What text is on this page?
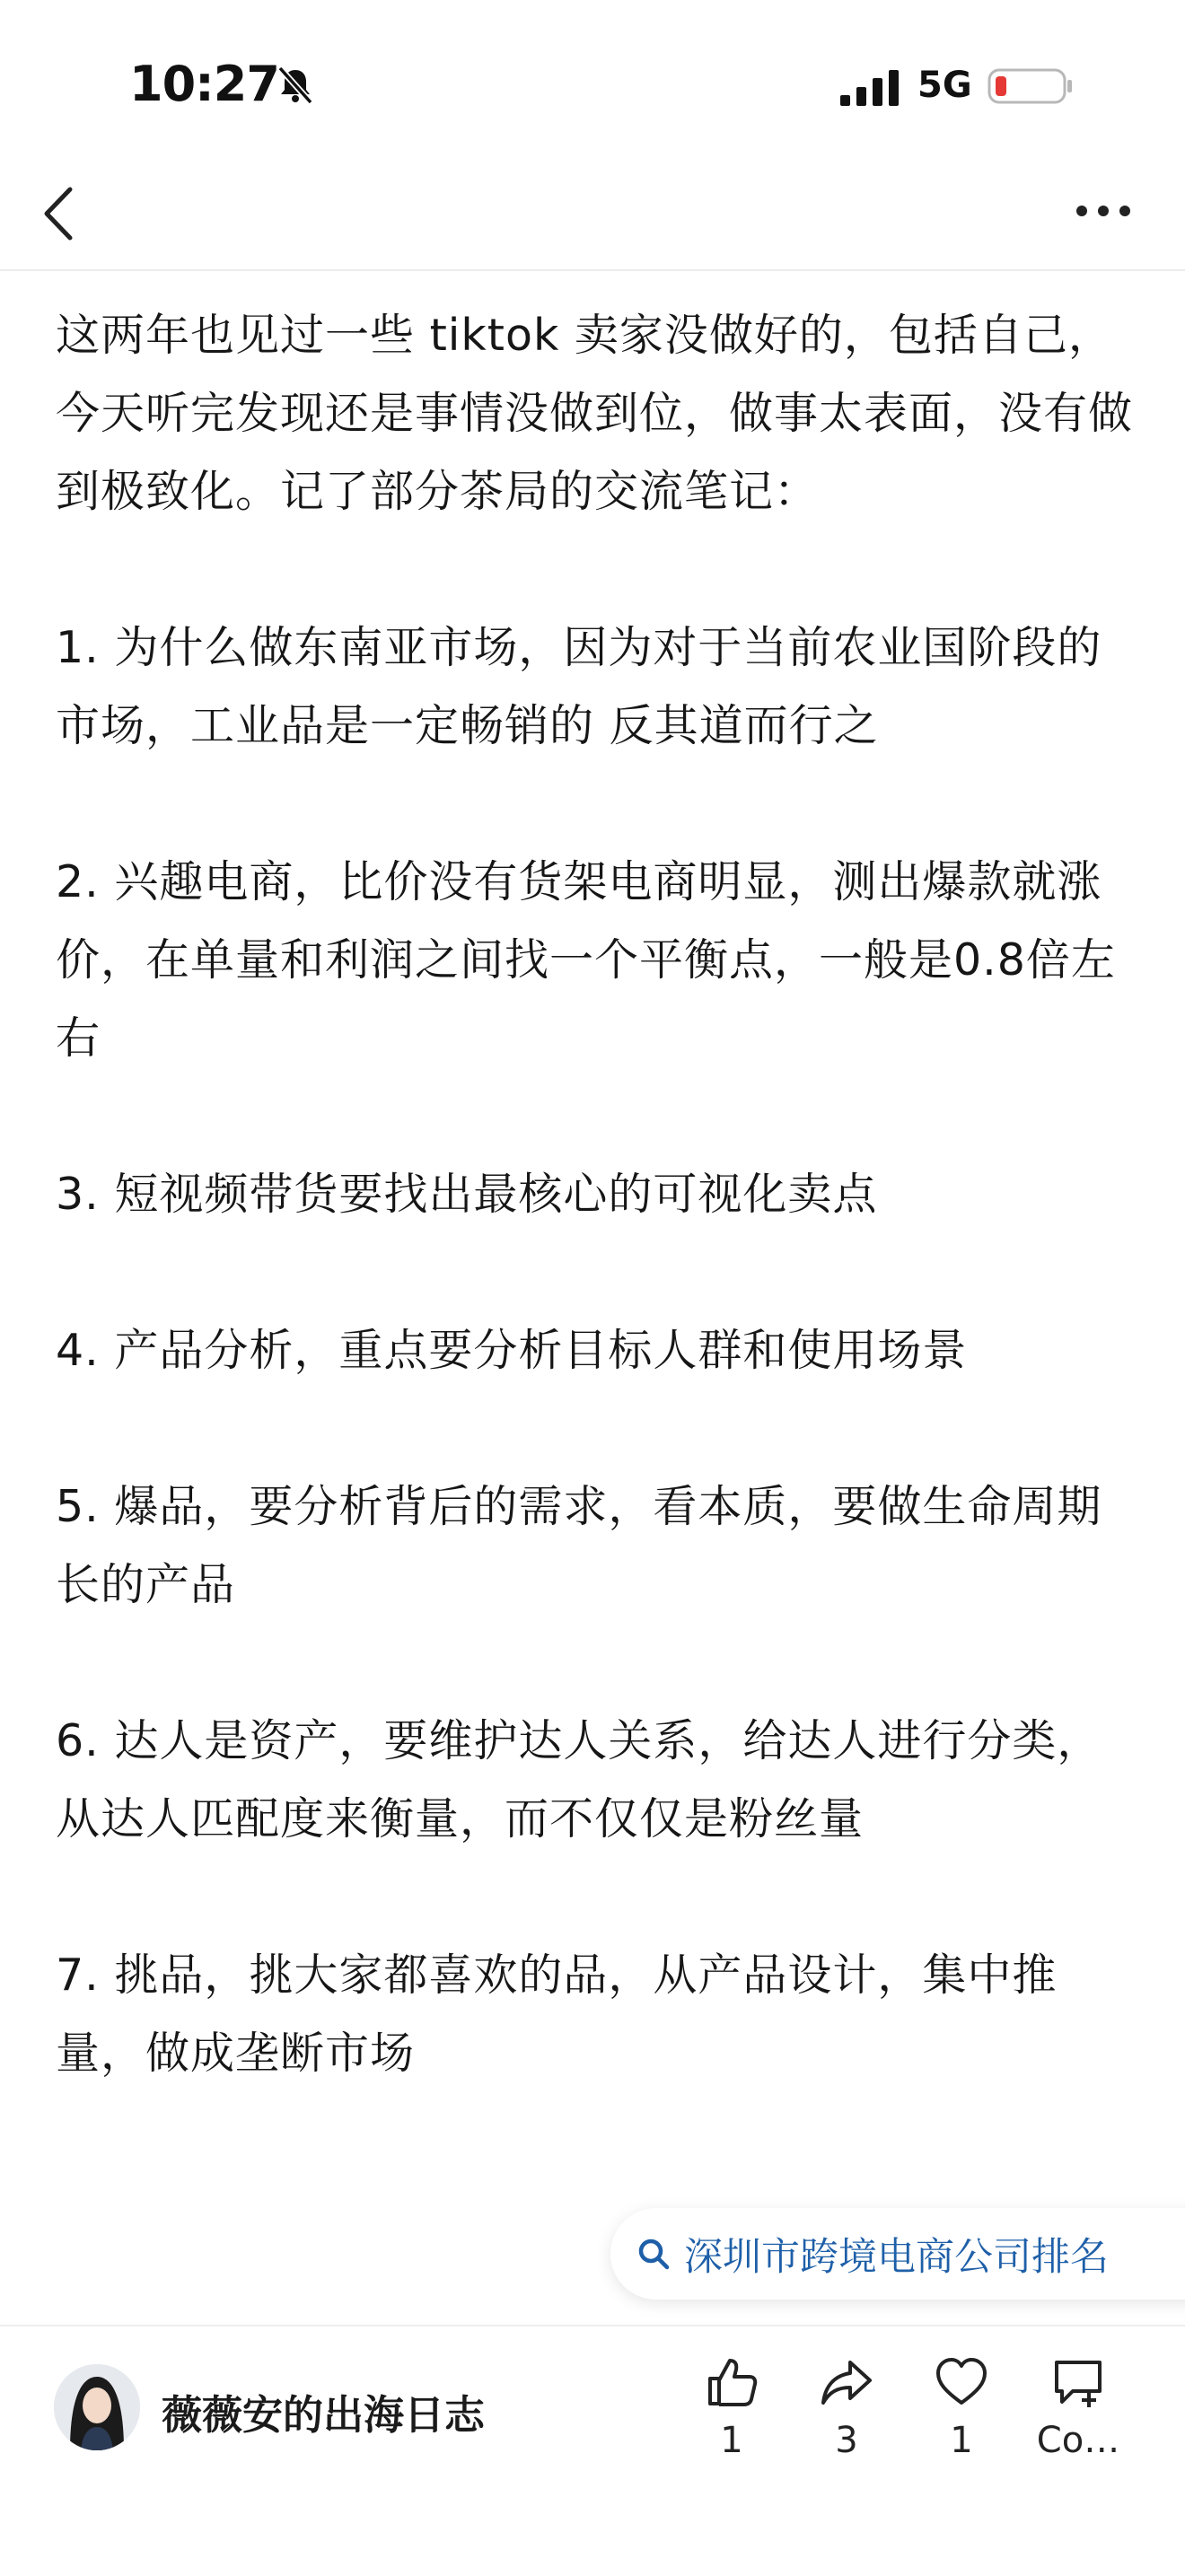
10:27	5G

这两年也见过一些 tiktok 卖家没做好的，包括自己，今天听完发现还是事情没做到位，做事太表面，没有做到极致化。记了部分茶局的交流笔记：

1. 为什么做东南亚市场，因为对于当前农业国阶段的市场，工业品是一定畅销的 反其道而行之

2. 兴趣电商，比价没有货架电商明显，测出爆款就涨价，在单量和利润之间找一个平衡点，一般是0.8倍左右

3. 短视频带货要找出最核心的可视化卖点

4. 产品分析，重点要分析目标人群和使用场景

5. 爆品，要分析背后的需求，看本质，要做生命周期长的产品

6. 达人是资产，要维护达人关系，给达人进行分类，从达人匹配度来衡量，而不仅仅是粉丝量

7. 挑品，挑大家都喜欢的品，从产品设计，集中推量，做成垄断市场

深圳市跨境电商公司排名
薇薇安的出海日志
1	3	1	Co…
